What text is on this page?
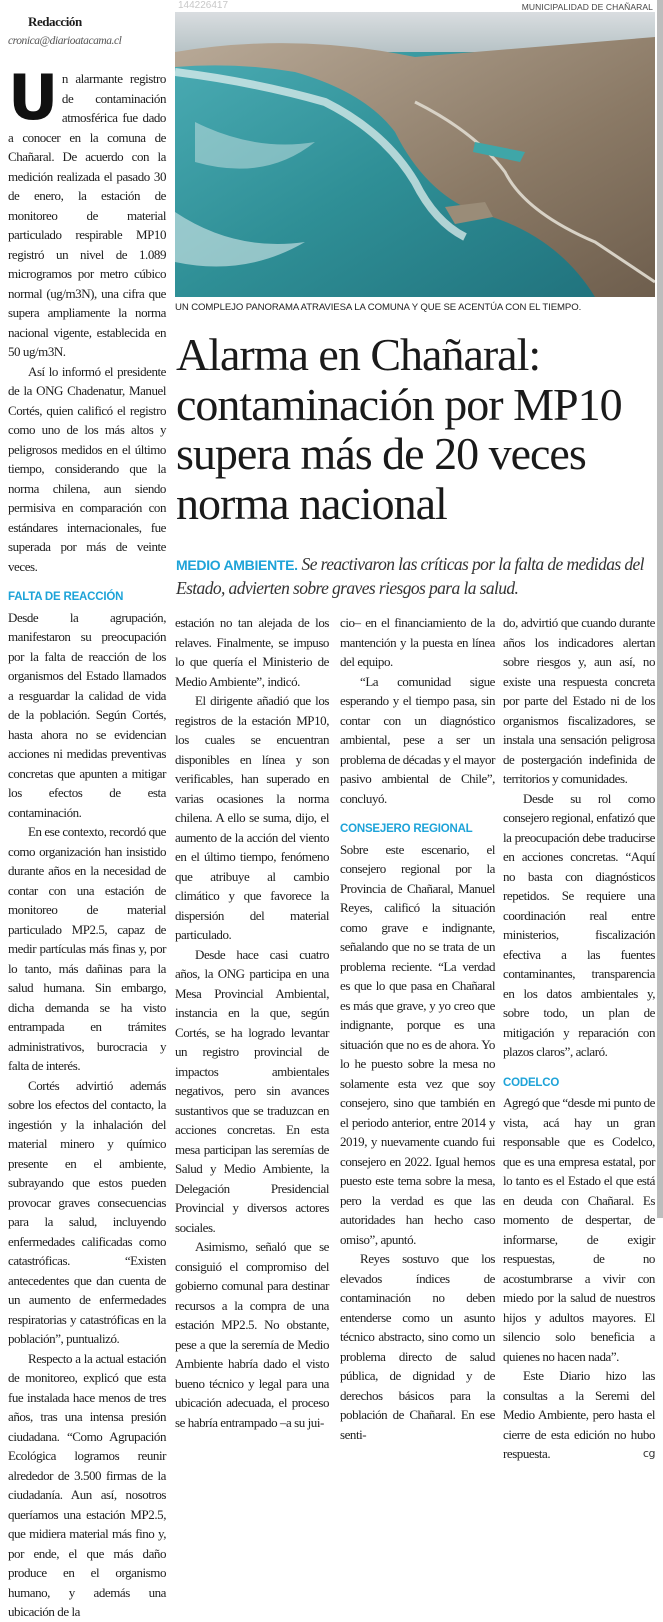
MUNICIPALIDAD DE CHAÑARAL
UN COMPLEJO PANORAMA ATRAVIESA LA COMUNA Y QUE SE ACENTÚA CON EL TIEMPO.
Alarma en Chañaral: contaminación por MP10 supera más de 20 veces norma nacional
MEDIO AMBIENTE. Se reactivaron las críticas por la falta de medidas del Estado, advierten sobre graves riesgos para la salud.

Redacción

cronica@diarioatacama.cl

Un alarmante registro de contaminación atmosférica fue dado a conocer en la comuna de Chañaral. De acuerdo con la medición realizada el pasado 30 de enero, la estación de monitoreo de material particulado respirable MP10 registró un nivel de 1.089 microgramos por metro cúbico normal (ug/m3N), una cifra que supera ampliamente la norma nacional vigente, establecida en 50 ug/m3N.

Así lo informó el presidente de la ONG Chadenatur, Manuel Cortés, quien calificó el registro como uno de los más altos y peligrosos medidos en el último tiempo, considerando que la norma chilena, aun siendo permisiva en comparación con estándares internacionales, fue superada por más de veinte veces.

FALTA DE REACCIÓN

Desde la agrupación, manifestaron su preocupación por la falta de reacción de los organismos del Estado llamados a resguardar la calidad de vida de la población. Según Cortés, hasta ahora no se evidencian acciones ni medidas preventivas concretas que apunten a mitigar los efectos de esta contaminación.

En ese contexto, recordó que como organización han insistido durante años en la necesidad de contar con una estación de monitoreo de material particulado MP2.5, capaz de medir partículas más finas y, por lo tanto, más dañinas para la salud humana. Sin embargo, dicha demanda se ha visto entrampada en trámites administrativos, burocracia y falta de interés.

Cortés advirtió además sobre los efectos del contacto, la ingestión y la inhalación del material minero y químico presente en el ambiente, subrayando que estos pueden provocar graves consecuencias para la salud, incluyendo enfermedades calificadas como catastróficas. “Existen antecedentes que dan cuenta de un aumento de enfermedades respiratorias y catastróficas en la población”, puntualizó.

Respecto a la actual estación de monitoreo, explicó que esta fue instalada hace menos de tres años, tras una intensa presión ciudadana. “Como Agrupación Ecológica logramos reunir alrededor de 3.500 firmas de la ciudadanía. Aun así, nosotros queríamos una estación MP2.5, que midiera material más fino y, por ende, el que más daño produce en el organismo humano, y además una ubicación de la

estación no tan alejada de los relaves. Finalmente, se impuso lo que quería el Ministerio de Medio Ambiente”, indicó.

El dirigente añadió que los registros de la estación MP10, los cuales se encuentran disponibles en línea y son verificables, han superado en varias ocasiones la norma chilena. A ello se suma, dijo, el aumento de la acción del viento en el último tiempo, fenómeno que atribuye al cambio climático y que favorece la dispersión del material particulado.

Desde hace casi cuatro años, la ONG participa en una Mesa Provincial Ambiental, instancia en la que, según Cortés, se ha logrado levantar un registro provincial de impactos ambientales negativos, pero sin avances sustantivos que se traduzcan en acciones concretas. En esta mesa participan las seremías de Salud y Medio Ambiente, la Delegación Presidencial Provincial y diversos actores sociales.

Asimismo, señaló que se consiguió el compromiso del gobierno comunal para destinar recursos a la compra de una estación MP2.5. No obstante, pese a que la seremía de Medio Ambiente habría dado el visto bueno técnico y legal para una ubicación adecuada, el proceso se habría entrampado –a su jui-

cio– en el financiamiento de la mantención y la puesta en línea del equipo.

“La comunidad sigue esperando y el tiempo pasa, sin contar con un diagnóstico ambiental, pese a ser un problema de décadas y el mayor pasivo ambiental de Chile”, concluyó.

CONSEJERO REGIONAL

Sobre este escenario, el consejero regional por la Provincia de Chañaral, Manuel Reyes, calificó la situación como grave e indignante, señalando que no se trata de un problema reciente. “La verdad es que lo que pasa en Chañaral es más que grave, y yo creo que indignante, porque es una situación que no es de ahora. Yo lo he puesto sobre la mesa no solamente esta vez que soy consejero, sino que también en el periodo anterior, entre 2014 y 2019, y nuevamente cuando fui consejero en 2022. Igual hemos puesto este tema sobre la mesa, pero la verdad es que las autoridades han hecho caso omiso”, apuntó.

Reyes sostuvo que los elevados índices de contaminación no deben entenderse como un asunto técnico abstracto, sino como un problema directo de salud pública, de dignidad y de derechos básicos para la población de Chañaral. En ese senti-

do, advirtió que cuando durante años los indicadores alertan sobre riesgos y, aun así, no existe una respuesta concreta por parte del Estado ni de los organismos fiscalizadores, se instala una sensación peligrosa de postergación indefinida de territorios y comunidades.

Desde su rol como consejero regional, enfatizó que la preocupación debe traducirse en acciones concretas. “Aquí no basta con diagnósticos repetidos. Se requiere una coordinación real entre ministerios, fiscalización efectiva a las fuentes contaminantes, transparencia en los datos ambientales y, sobre todo, un plan de mitigación y reparación con plazos claros”, aclaró.

CODELCO

Agregó que “desde mi punto de vista, acá hay un gran responsable que es Codelco, que es una empresa estatal, por lo tanto es el Estado el que está en deuda con Chañaral. Es momento de despertar, de informarse, de exigir respuestas, de no acostumbrarse a vivir con miedo por la salud de nuestros hijos y adultos mayores. El silencio solo beneficia a quienes no hacen nada”.

Este Diario hizo las consultas a la Seremi del Medio Ambiente, pero hasta el cierre de esta edición no hubo respuesta.	cg

144226417
